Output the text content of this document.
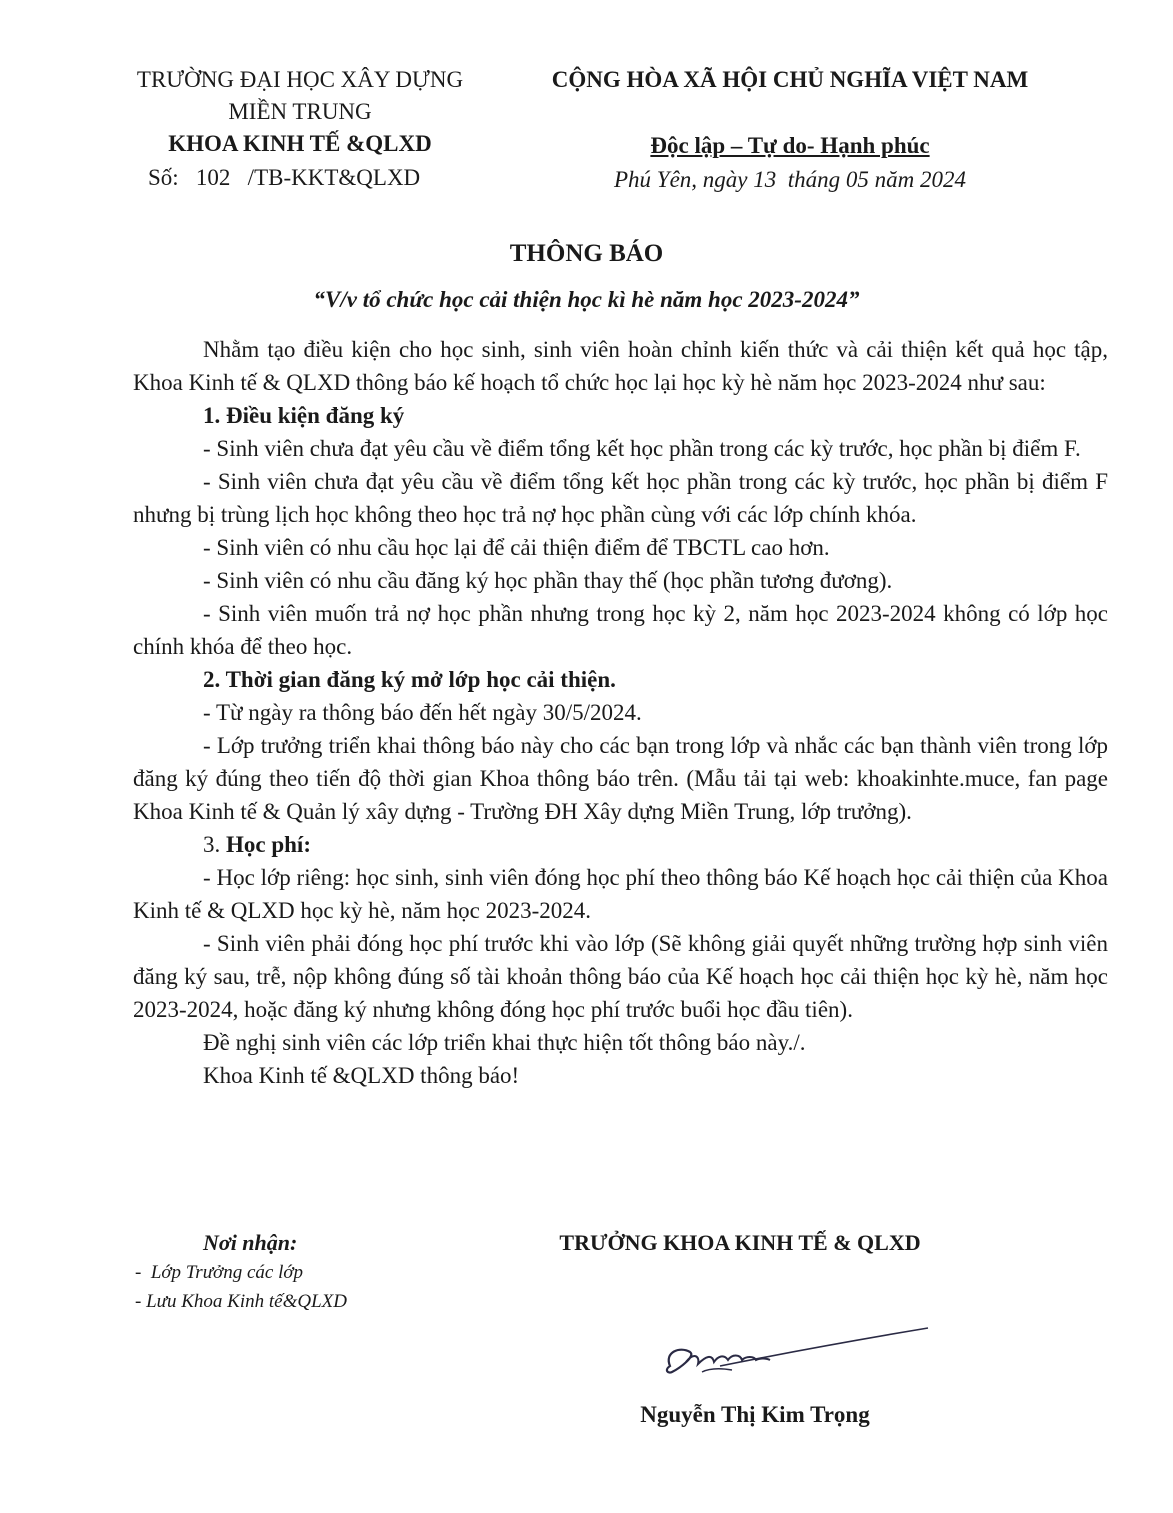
TRƯỜNG ĐẠI HỌC XÂY DỰNG
MIỀN TRUNG
KHOA KINH TẾ &QLXD
Số:   102   /TB-KKT&QLXD
CỘNG HÒA XÃ HỘI CHỦ NGHĨA VIỆT NAM
Độc lập – Tự do- Hạnh phúc
Phú Yên, ngày 13  tháng 05 năm 2024
THÔNG BÁO
“V/v tổ chức học cải thiện học kì hè năm học 2023-2024”

Nhằm tạo điều kiện cho học sinh, sinh viên hoàn chỉnh kiến thức và cải thiện kết quả học tập, Khoa Kinh tế & QLXD thông báo kế hoạch tổ chức học lại học kỳ hè năm học 2023-2024 như sau:

1. Điều kiện đăng ký

- Sinh viên chưa đạt yêu cầu về điểm tổng kết học phần trong các kỳ trước, học phần bị điểm F.

- Sinh viên chưa đạt yêu cầu về điểm tổng kết học phần trong các kỳ trước, học phần bị điểm F nhưng bị trùng lịch học không theo học trả nợ học phần cùng với các lớp chính khóa.

- Sinh viên có nhu cầu học lại để cải thiện điểm để TBCTL cao hơn.

- Sinh viên có nhu cầu đăng ký học phần thay thế (học phần tương đương).

- Sinh viên muốn trả nợ học phần nhưng trong học kỳ 2, năm học 2023-2024 không có lớp học chính khóa để theo học.

2. Thời gian đăng ký mở lớp học cải thiện.

- Từ ngày ra thông báo đến hết ngày 30/5/2024.

- Lớp trưởng triển khai thông báo này cho các bạn trong lớp và nhắc các bạn thành viên trong lớp đăng ký đúng theo tiến độ thời gian Khoa thông báo trên. (Mẫu tải tại web: khoakinhte.muce, fan page Khoa Kinh tế & Quản lý xây dựng - Trường ĐH Xây dựng Miền Trung, lớp trưởng).

3. Học phí:

- Học lớp riêng: học sinh, sinh viên đóng học phí theo thông báo Kế hoạch học cải thiện của Khoa Kinh tế & QLXD học kỳ hè, năm học 2023-2024.

- Sinh viên phải đóng học phí trước khi vào lớp (Sẽ không giải quyết những trường hợp sinh viên đăng ký sau, trễ, nộp không đúng số tài khoản thông báo của Kế hoạch học cải thiện học kỳ hè, năm học 2023-2024, hoặc đăng ký nhưng không đóng học phí trước buổi học đầu tiên).

Đề nghị sinh viên các lớp triển khai thực hiện tốt thông báo này./.

Khoa Kinh tế &QLXD thông báo!

Nơi nhận:
-  Lớp Trưởng các lớp
- Lưu Khoa Kinh tế&QLXD
TRƯỞNG KHOA KINH TẾ & QLXD
Nguyễn Thị Kim Trọng
